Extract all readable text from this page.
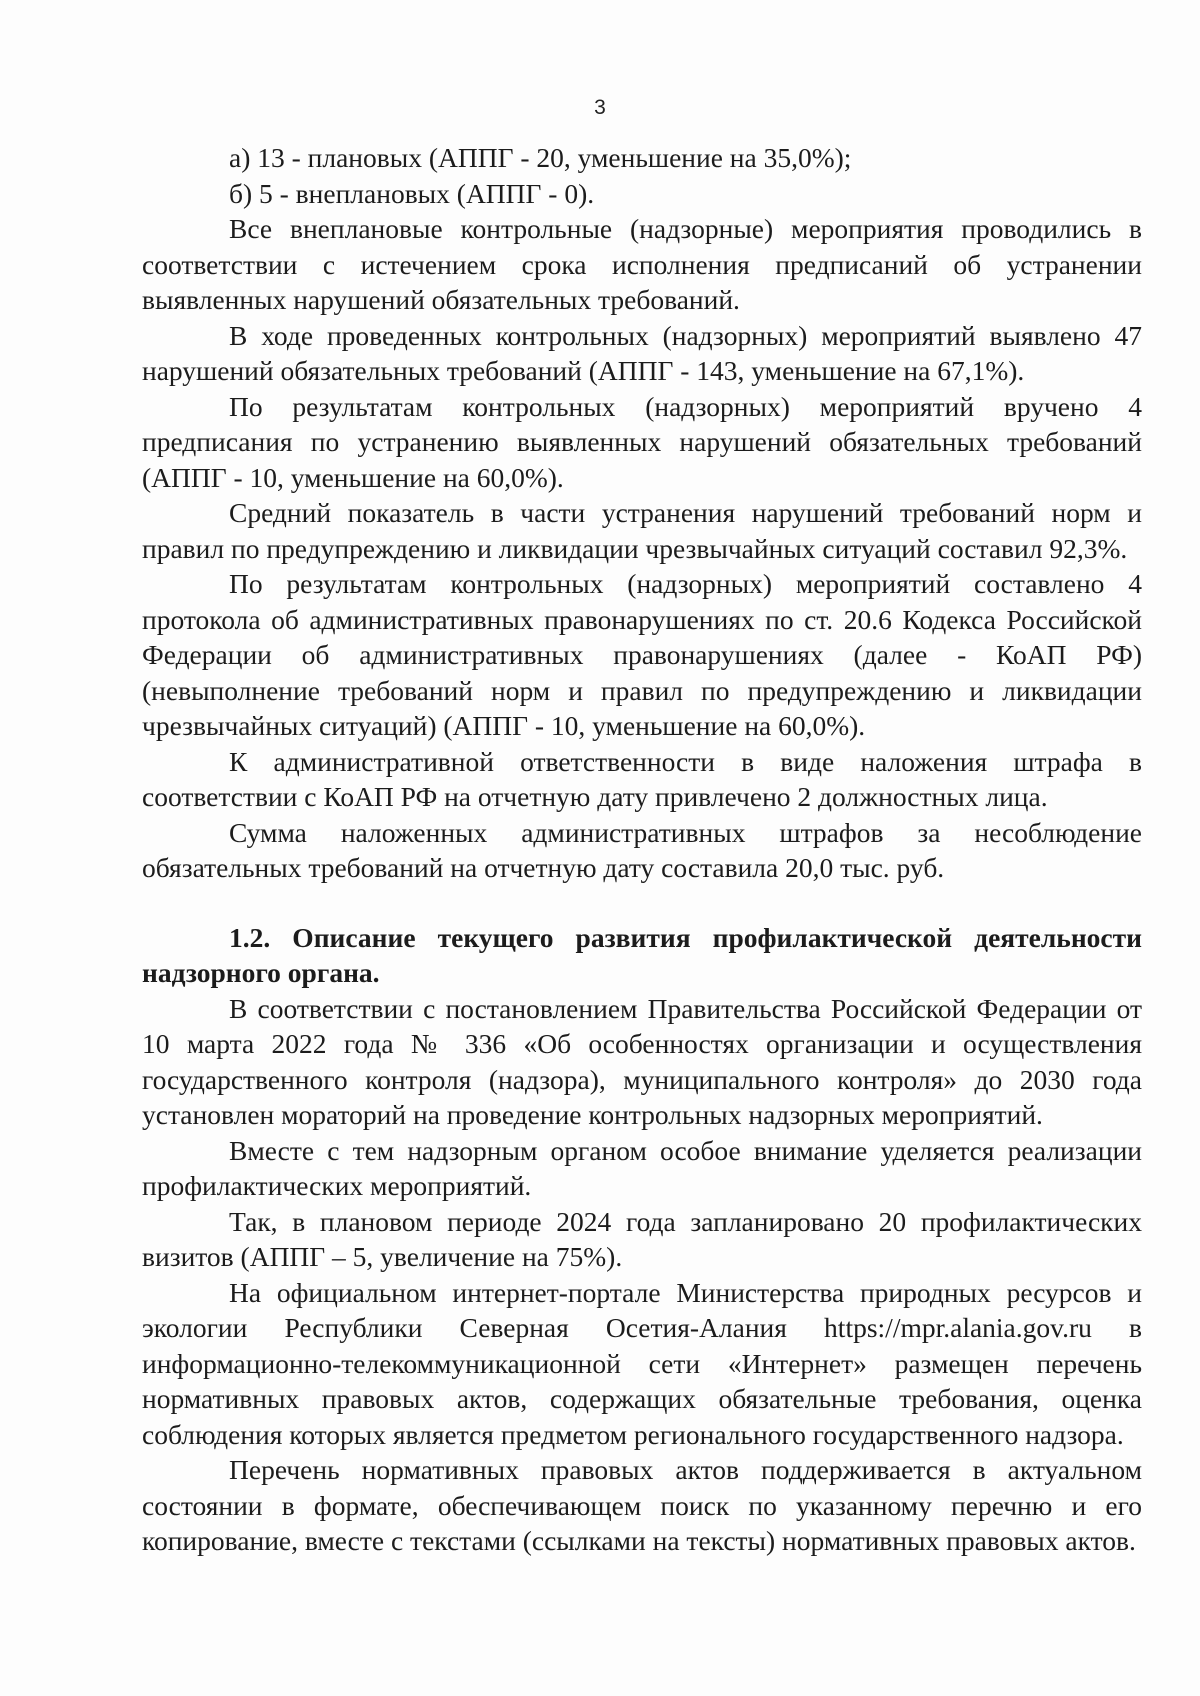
3

а) 13 - плановых (АППГ - 20, уменьшение на 35,0%);

б) 5 - внеплановых (АППГ - 0).

Все внеплановые контрольные (надзорные) мероприятия проводились в соответствии с истечением срока исполнения предписаний об устранении выявленных нарушений обязательных требований.

В ходе проведенных контрольных (надзорных) мероприятий выявлено 47 нарушений обязательных требований (АППГ - 143, уменьшение на 67,1%).

По результатам контрольных (надзорных) мероприятий вручено 4 предписания по устранению выявленных нарушений обязательных требований (АППГ - 10, уменьшение на 60,0%).

Средний показатель в части устранения нарушений требований норм и правил по предупреждению и ликвидации чрезвычайных ситуаций составил 92,3%.

По результатам контрольных (надзорных) мероприятий составлено 4 протокола об административных правонарушениях по ст. 20.6 Кодекса Российской Федерации об административных правонарушениях (далее - КоАП РФ) (невыполнение требований норм и правил по предупреждению и ликвидации чрезвычайных ситуаций) (АППГ - 10, уменьшение на 60,0%).

К административной ответственности в виде наложения штрафа в соответствии с КоАП РФ на отчетную дату привлечено 2 должностных лица.

Сумма наложенных административных штрафов за несоблюдение обязательных требований на отчетную дату составила 20,0 тыс. руб.

1.2. Описание текущего развития профилактической деятельности надзорного органа.

В соответствии с постановлением Правительства Российской Федерации от 10 марта 2022 года № 336 «Об особенностях организации и осуществления государственного контроля (надзора), муниципального контроля» до 2030 года установлен мораторий на проведение контрольных надзорных мероприятий.

Вместе с тем надзорным органом особое внимание уделяется реализации профилактических мероприятий.

Так, в плановом периоде 2024 года запланировано 20 профилактических визитов (АППГ – 5, увеличение на 75%).

На официальном интернет-портале Министерства природных ресурсов и экологии Республики Северная Осетия-Алания https://mpr.alania.gov.ru в информационно-телекоммуникационной сети «Интернет» размещен перечень нормативных правовых актов, содержащих обязательные требования, оценка соблюдения которых является предметом регионального государственного надзора.

Перечень нормативных правовых актов поддерживается в актуальном состоянии в формате, обеспечивающем поиск по указанному перечню и его копирование, вместе с текстами (ссылками на тексты) нормативных правовых актов.
